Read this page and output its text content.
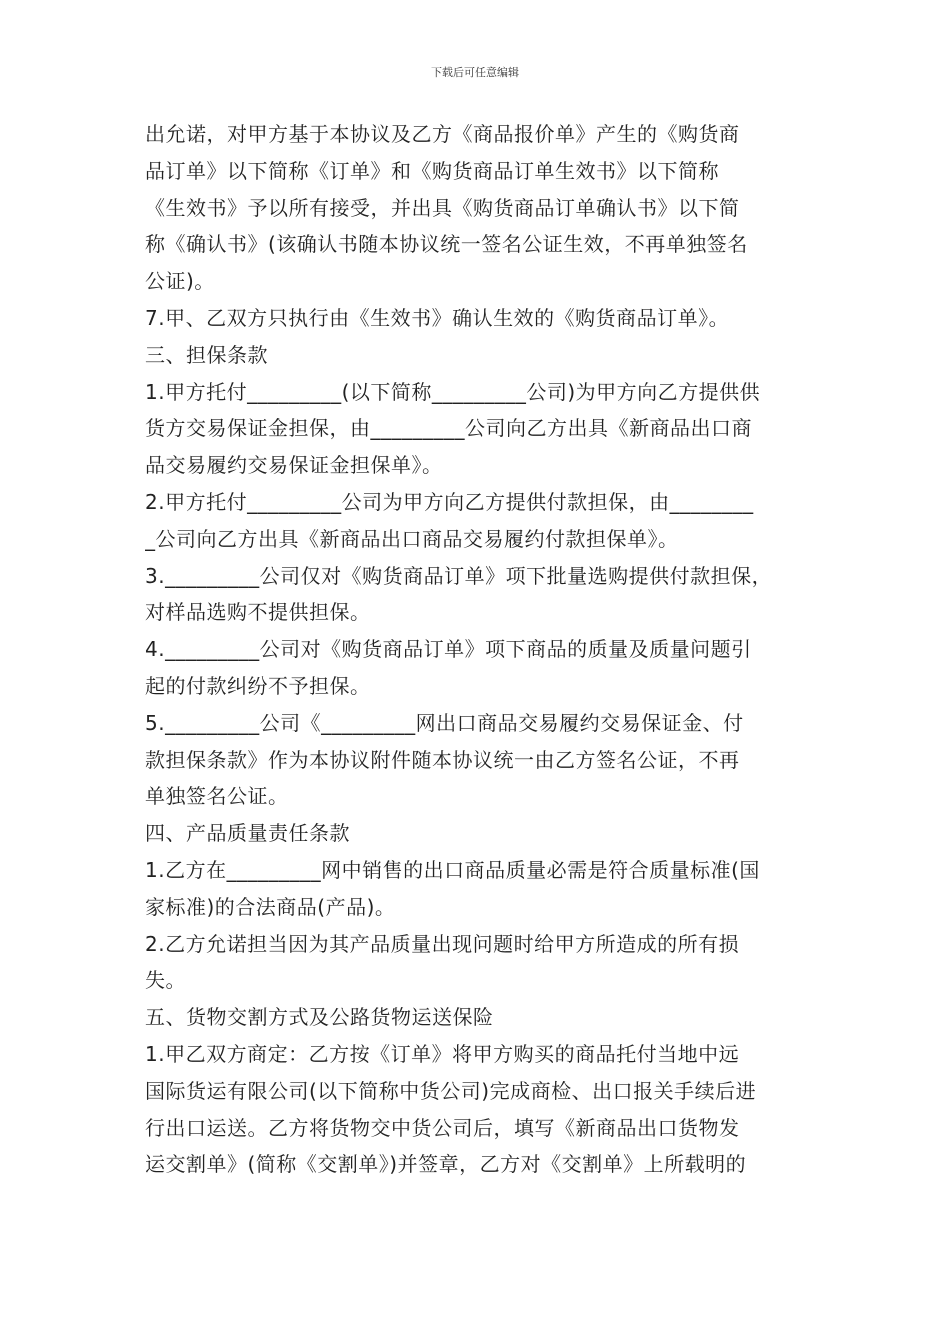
下载后可任意编辑
出允诺，对甲方基于本协议及乙方《商品报价单》产生的《购货商
品订单》以下简称《订单》和《购货商品订单生效书》以下简称
《生效书》予以所有接受，并出具《购货商品订单确认书》以下简
称《确认书》(该确认书随本协议统一签名公证生效，不再单独签名
公证)。
7.甲、乙双方只执行由《生效书》确认生效的《购货商品订单》。
三、担保条款
1.甲方托付_________(以下简称_________公司)为甲方向乙方提供供
货方交易保证金担保，由_________公司向乙方出具《新商品出口商
品交易履约交易保证金担保单》。
2.甲方托付_________公司为甲方向乙方提供付款担保，由________
_公司向乙方出具《新商品出口商品交易履约付款担保单》。
3._________公司仅对《购货商品订单》项下批量选购提供付款担保，
对样品选购不提供担保。
4._________公司对《购货商品订单》项下商品的质量及质量问题引
起的付款纠纷不予担保。
5._________公司《_________网出口商品交易履约交易保证金、付
款担保条款》作为本协议附件随本协议统一由乙方签名公证，不再
单独签名公证。
四、产品质量责任条款
1.乙方在_________网中销售的出口商品质量必需是符合质量标准(国
家标准)的合法商品(产品)。
2.乙方允诺担当因为其产品质量出现问题时给甲方所造成的所有损
失。
五、货物交割方式及公路货物运送保险
1.甲乙双方商定：乙方按《订单》将甲方购买的商品托付当地中远
国际货运有限公司(以下简称中货公司)完成商检、出口报关手续后进
行出口运送。乙方将货物交中货公司后，填写《新商品出口货物发
运交割单》(简称《交割单》)并签章，乙方对《交割单》上所载明的
